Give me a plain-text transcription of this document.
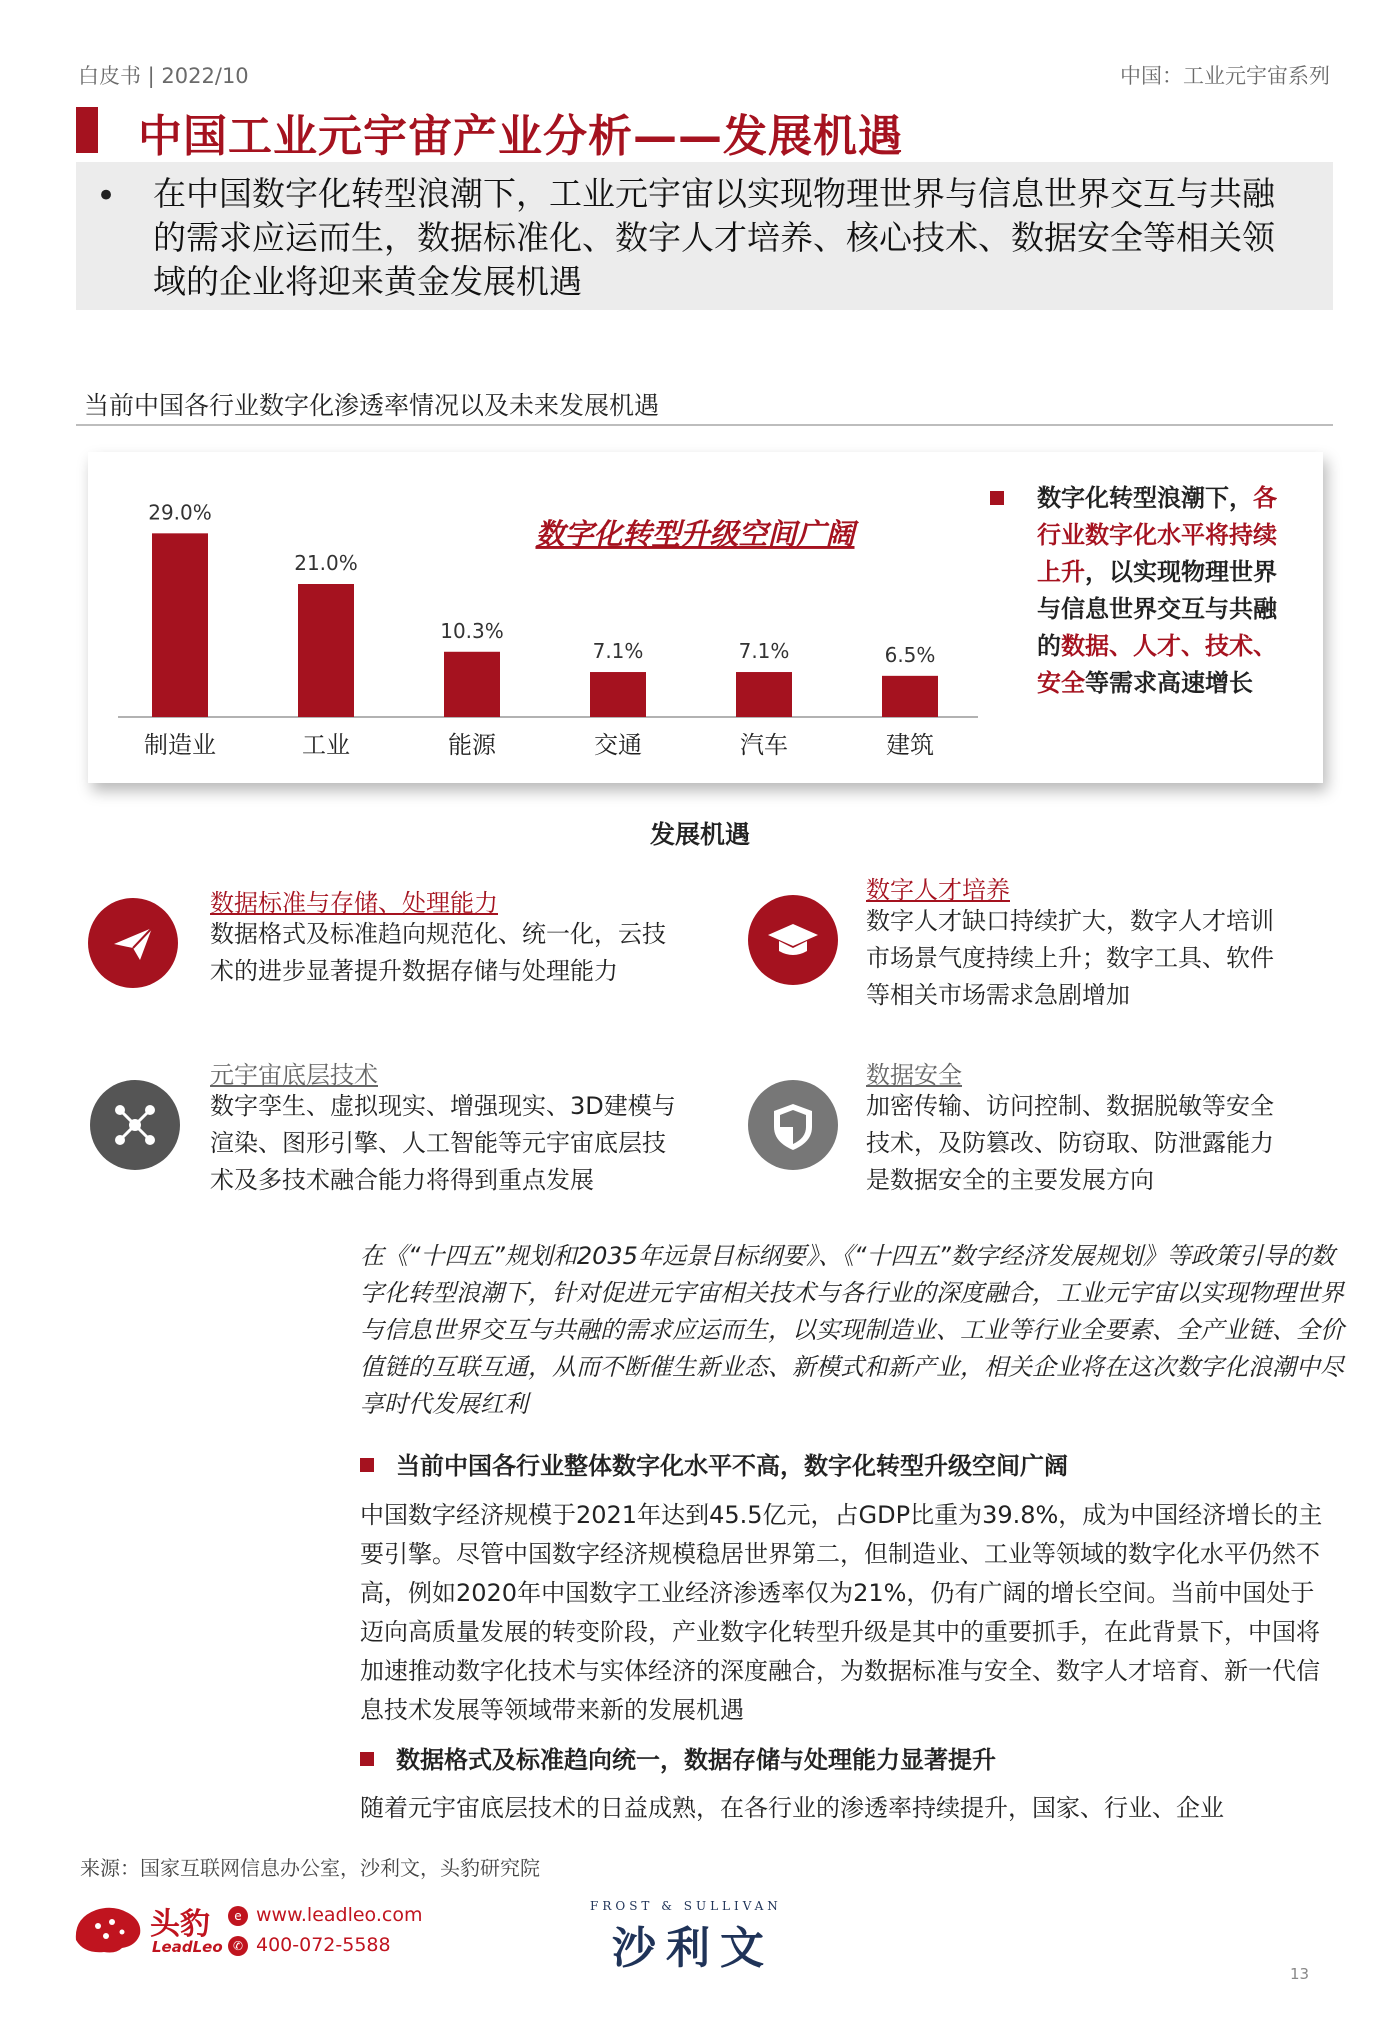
白皮书 | 2022/10	中国：工业元宇宙系列
中国工业元宇宙产业分析——发展机遇
• 在中国数字化转型浪潮下，工业元宇宙以实现物理世界与信息世界交互与共融的需求应运而生，数据标准化、数字人才培养、核心技术、数据安全等相关领域的企业将迎来黄金发展机遇
当前中国各行业数字化渗透率情况以及未来发展机遇
29.0%
制造业
21.0%
工业
10.3%
能源
7.1%
交通
7.1%
汽车
6.5%
建筑
数字化转型升级空间广阔
数字化转型浪潮下，各行业数字化水平将持续上升，以实现物理世界与信息世界交互与共融的数据、人才、技术、安全等需求高速增长
发展机遇
数据标准与存储、处理能力
数据格式及标准趋向规范化、统一化，云技术的进步显著提升数据存储与处理能力
数字人才培养
数字人才缺口持续扩大，数字人才培训市场景气度持续上升；数字工具、软件等相关市场需求急剧增加
元宇宙底层技术
数字孪生、虚拟现实、增强现实、3D建模与渲染、图形引擎、人工智能等元宇宙底层技术及多技术融合能力将得到重点发展
数据安全
加密传输、访问控制、数据脱敏等安全技术，及防篡改、防窃取、防泄露能力是数据安全的主要发展方向
在《“十四五”规划和2035年远景目标纲要》、《“十四五”数字经济发展规划》等政策引导的数字化转型浪潮下，针对促进元宇宙相关技术与各行业的深度融合，工业元宇宙以实现物理世界与信息世界交互与共融的需求应运而生，以实现制造业、工业等行业全要素、全产业链、全价值链的互联互通，从而不断催生新业态、新模式和新产业，相关企业将在这次数字化浪潮中尽享时代发展红利
当前中国各行业整体数字化水平不高，数字化转型升级空间广阔
中国数字经济规模于2021年达到45.5亿元，占GDP比重为39.8%，成为中国经济增长的主要引擎。尽管中国数字经济规模稳居世界第二，但制造业、工业等领域的数字化水平仍然不高，例如2020年中国数字工业经济渗透率仅为21%，仍有广阔的增长空间。当前中国处于迈向高质量发展的转变阶段，产业数字化转型升级是其中的重要抓手，在此背景下，中国将加速推动数字化技术与实体经济的深度融合，为数据标准与安全、数字人才培育、新一代信息技术发展等领域带来新的发展机遇
数据格式及标准趋向统一，数据存储与处理能力显著提升
随着元宇宙底层技术的日益成熟，在各行业的渗透率持续提升，国家、行业、企业
来源：国家互联网信息办公室，沙利文，头豹研究院
头豹
LeadLeo
e www.leadleo.com
✆ 400-072-5588
FROST & SULLIVAN
沙利文	13
